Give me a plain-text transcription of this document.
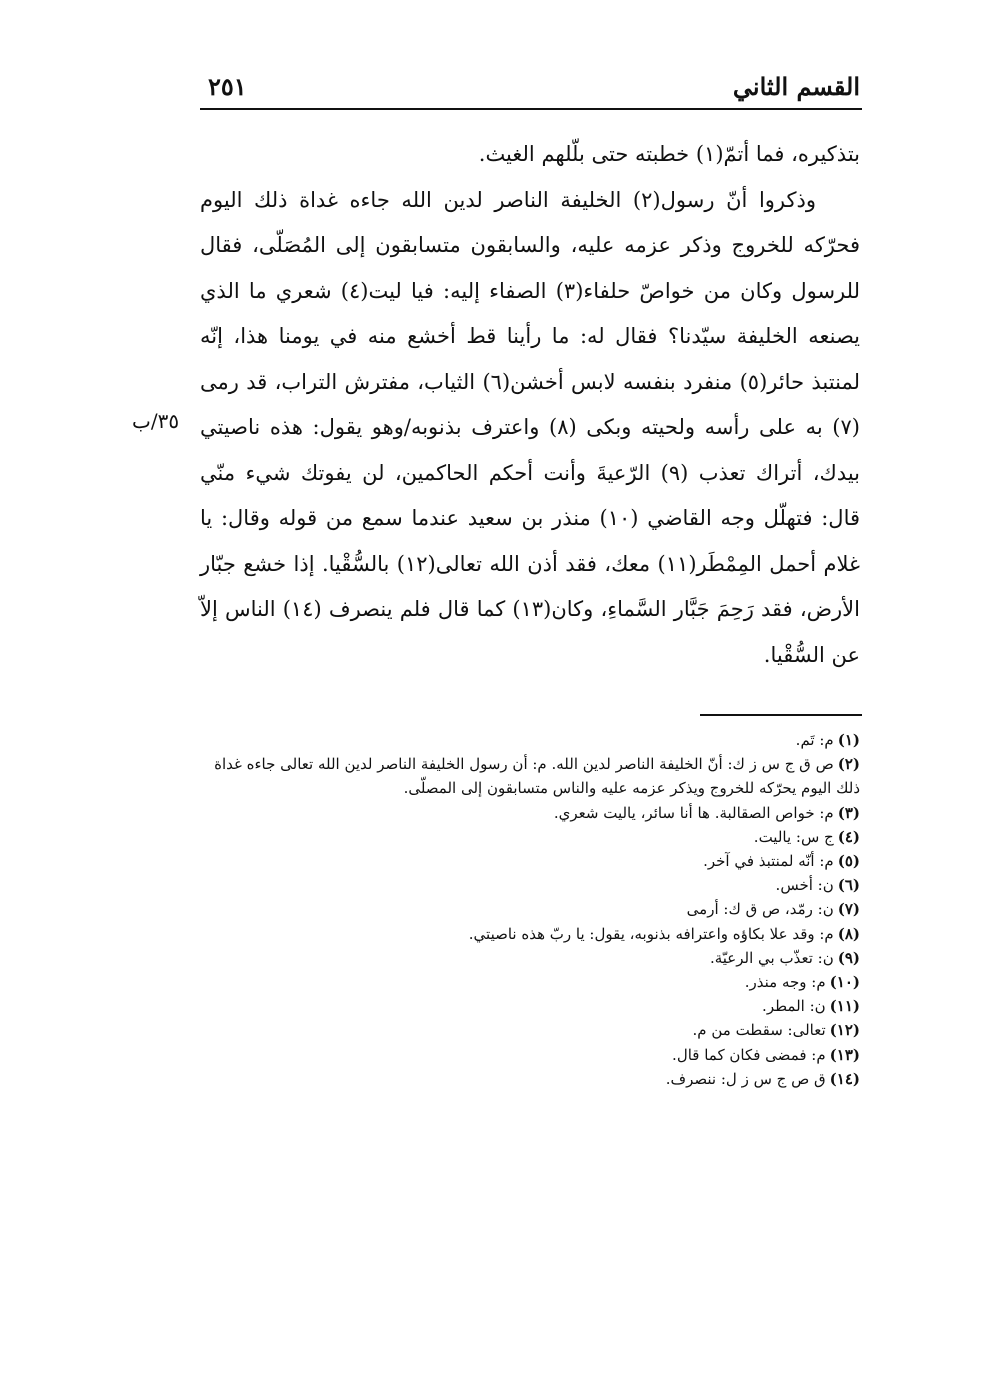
القسم الثاني
٢٥١

بتذكيره، فما أتمّ(١) خطبته حتى بلّلهم الغيث.

وذكروا أنّ رسول(٢) الخليفة الناصر لدين الله جاءه غداة ذلك اليوم فحرّكه للخروج وذكر عزمه عليه، والسابقون متسابقون إلى المُصَلّى، فقال للرسول وكان من خواصّ حلفاء(٣) الصفاء إليه: فيا ليت(٤) شعري ما الذي يصنعه الخليفة سيّدنا؟ فقال له: ما رأينا قط أخشع منه في يومنا هذا، إنّه لمنتبذ حائر(٥) منفرد بنفسه لابس أخشن(٦) الثياب، مفترش التراب، قد رمى (٧) به على رأسه ولحيته وبكى (٨) واعترف بذنوبه/وهو يقول: هذه ناصيتي بيدك، أتراك تعذب (٩) الرّعيةَ وأنت أحكم الحاكمين، لن يفوتك شيء منّي قال: فتهلّل وجه القاضي (١٠) منذر بن سعيد عندما سمع من قوله وقال: يا غلام أحمل المِمْطَر(١١) معك، فقد أذن الله تعالى(١٢) بالسُّقْيا. إذا خشع جبّار الأرض، فقد رَحِمَ جَبَّار السَّماءِ، وكان(١٣) كما قال فلم ينصرف (١٤) الناس إلاّ عن السُّقْيا.

٣٥/ب

(١)م: تَم.

(٢)ص ق ج س ز ك: أنّ الخليفة الناصر لدين الله. م: أن رسول الخليفة الناصر لدين الله تعالى جاءه غداة ذلك اليوم يحرّكه للخروج ويذكر عزمه عليه والناس متسابقون إلى المصلّى.

(٣)م: خواص الصقالبة. ها أنا سائر، ياليت شعري.

(٤)ج س: ياليت.

(٥)م: أنّه لمنتبذ في آخر.

(٦)ن: أخس.

(٧)ن: رمّد، ص ق ك: أرمى

(٨)م: وقد علا بكاؤه واعترافه بذنوبه، يقول: يا ربّ هذه ناصيتي.

(٩)ن: تعذّب بي الرعيّة.

(١٠)م: وجه منذر.

(١١)ن: المطر.

(١٢)تعالى: سقطت من م.

(١٣)م: فمضى فكان كما قال.

(١٤)ق ص ج س ز ل: ننصرف.
